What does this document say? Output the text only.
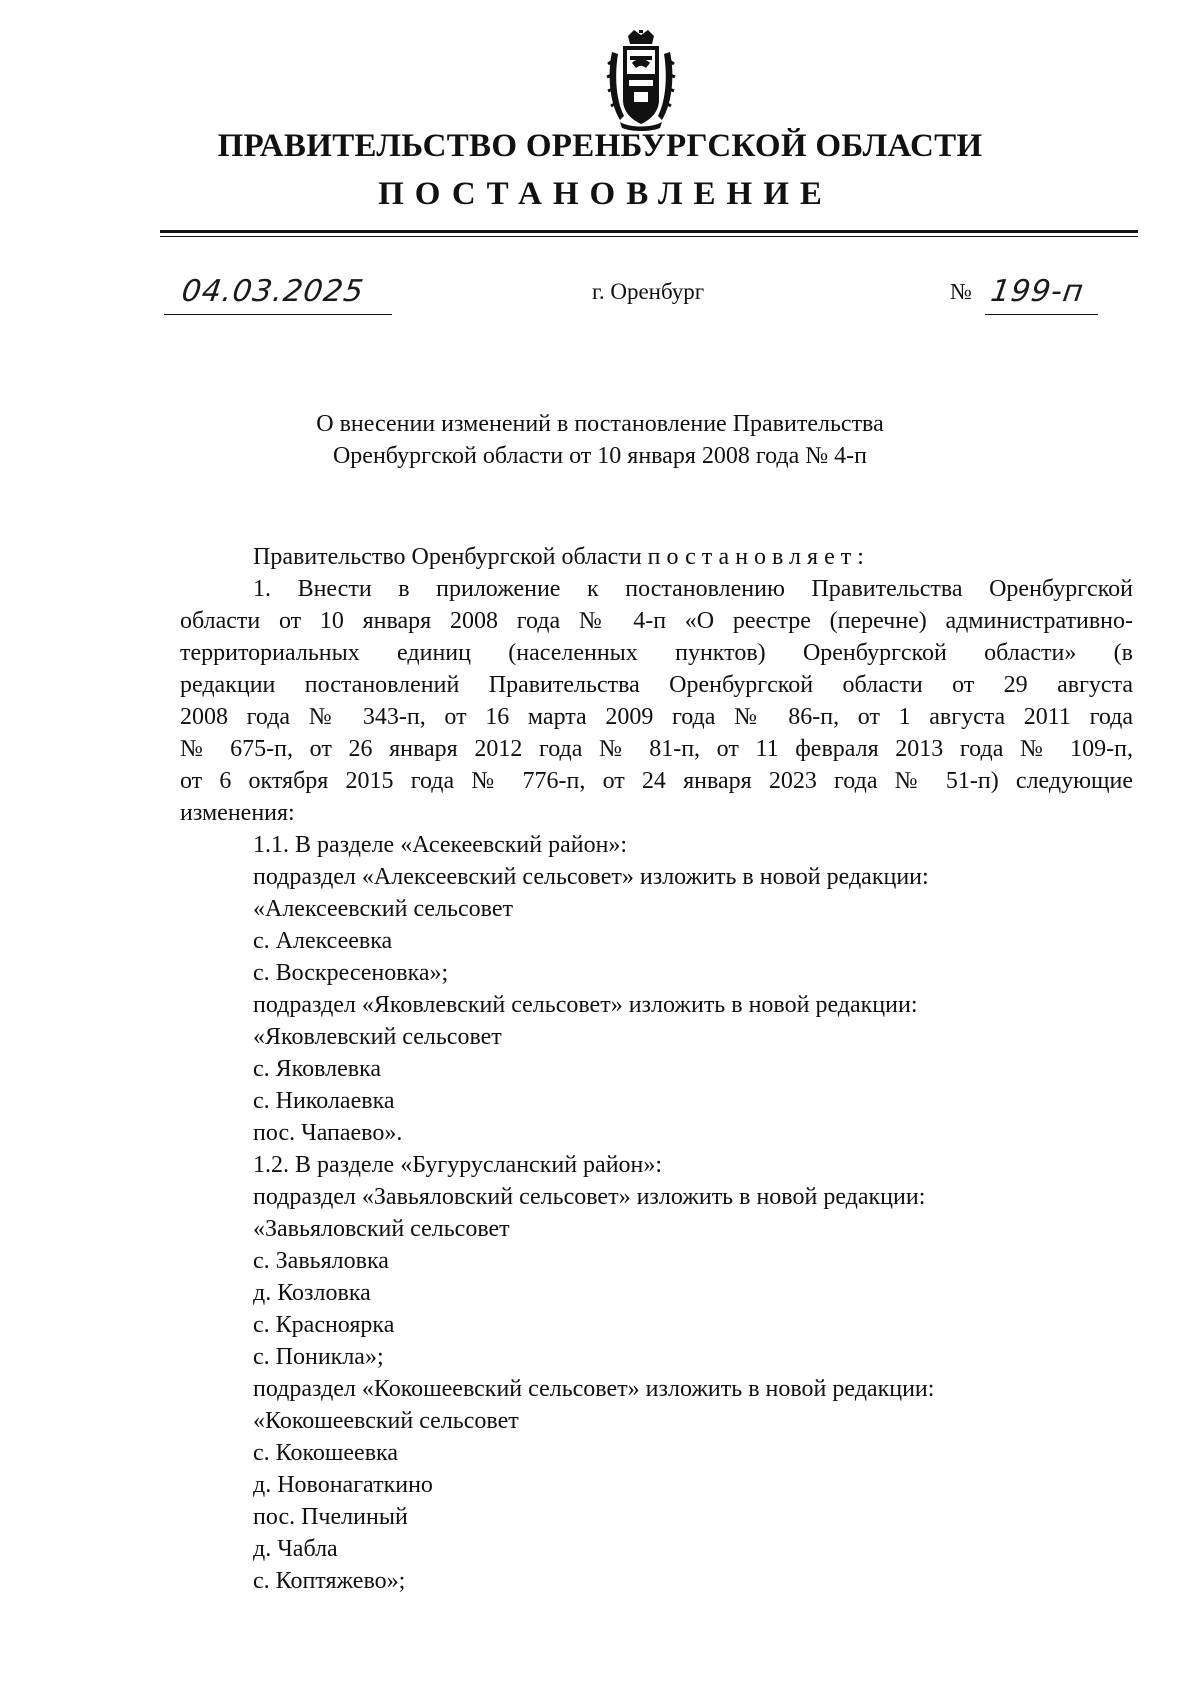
ПРАВИТЕЛЬСТВО ОРЕНБУРГСКОЙ ОБЛАСТИ
ПОСТАНОВЛЕНИЕ
04.03.2025	г. Оренбург	№ 199-п
О внесении изменений в постановление Правительства
Оренбургской области от 10 января 2008 года № 4-п
Правительство Оренбургской области постановляет:
1. Внести в приложение к постановлению Правительства Оренбургской
области от 10 января 2008 года № 4-п «О реестре (перечне) административно-
территориальных единиц (населенных пунктов) Оренбургской области» (в
редакции постановлений Правительства Оренбургской области от 29 августа
2008 года № 343-п, от 16 марта 2009 года № 86-п, от 1 августа 2011 года
№ 675-п, от 26 января 2012 года № 81-п, от 11 февраля 2013 года № 109-п,
от 6 октября 2015 года № 776-п, от 24 января 2023 года № 51-п) следующие
изменения:
1.1. В разделе «Асекеевский район»:
подраздел «Алексеевский сельсовет» изложить в новой редакции:
«Алексеевский сельсовет
с. Алексеевка
с. Воскресеновка»;
подраздел «Яковлевский сельсовет» изложить в новой редакции:
«Яковлевский сельсовет
с. Яковлевка
с. Николаевка
пос. Чапаево».
1.2. В разделе «Бугурусланский район»:
подраздел «Завьяловский сельсовет» изложить в новой редакции:
«Завьяловский сельсовет
с. Завьяловка
д. Козловка
с. Красноярка
с. Поникла»;
подраздел «Кокошеевский сельсовет» изложить в новой редакции:
«Кокошеевский сельсовет
с. Кокошеевка
д. Новонагаткино
пос. Пчелиный
д. Чабла
с. Коптяжево»;
